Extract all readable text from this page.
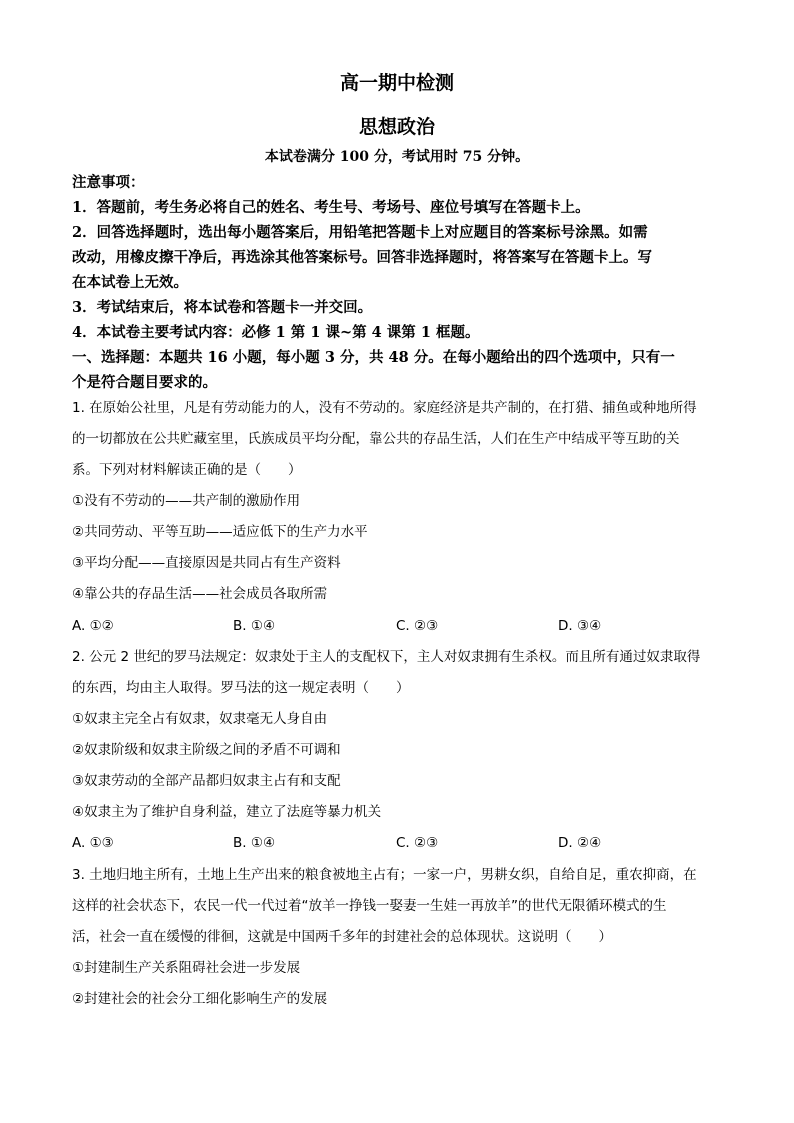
高一期中检测
思想政治
本试卷满分 100 分，考试用时 75 分钟。
注意事项：
1．答题前，考生务必将自己的姓名、考生号、考场号、座位号填写在答题卡上。
2．回答选择题时，选出每小题答案后，用铅笔把答题卡上对应题目的答案标号涂黑。如需
改动，用橡皮擦干净后，再选涂其他答案标号。回答非选择题时，将答案写在答题卡上。写
在本试卷上无效。
3．考试结束后，将本试卷和答题卡一并交回。
4．本试卷主要考试内容：必修 1 第 1 课~第 4 课第 1 框题。
一、选择题：本题共 16 小题，每小题 3 分，共 48 分。在每小题给出的四个选项中，只有一
个是符合题目要求的。
1. 在原始公社里，凡是有劳动能力的人，没有不劳动的。家庭经济是共产制的，在打猎、捕鱼或种地所得
的一切都放在公共贮藏室里，氏族成员平均分配，靠公共的存品生活，人们在生产中结成平等互助的关
系。下列对材料解读正确的是（　　）
①没有不劳动的——共产制的激励作用
②共同劳动、平等互助——适应低下的生产力水平
③平均分配——直接原因是共同占有生产资料
④靠公共的存品生活——社会成员各取所需
A. ①②	B. ①④	C. ②③	D. ③④
2. 公元 2 世纪的罗马法规定：奴隶处于主人的支配权下，主人对奴隶拥有生杀权。而且所有通过奴隶取得
的东西，均由主人取得。罗马法的这一规定表明（　　）
①奴隶主完全占有奴隶，奴隶毫无人身自由
②奴隶阶级和奴隶主阶级之间的矛盾不可调和
③奴隶劳动的全部产品都归奴隶主占有和支配
④奴隶主为了维护自身利益，建立了法庭等暴力机关
A. ①③	B. ①④	C. ②③	D. ②④
3. 土地归地主所有，土地上生产出来的粮食被地主占有；一家一户，男耕女织，自给自足，重农抑商，在
这样的社会状态下，农民一代一代过着“放羊一挣钱一娶妻一生娃一再放羊”的世代无限循环模式的生
活，社会一直在缓慢的徘徊，这就是中国两千多年的封建社会的总体现状。这说明（　　）
①封建制生产关系阻碍社会进一步发展
②封建社会的社会分工细化影响生产的发展
